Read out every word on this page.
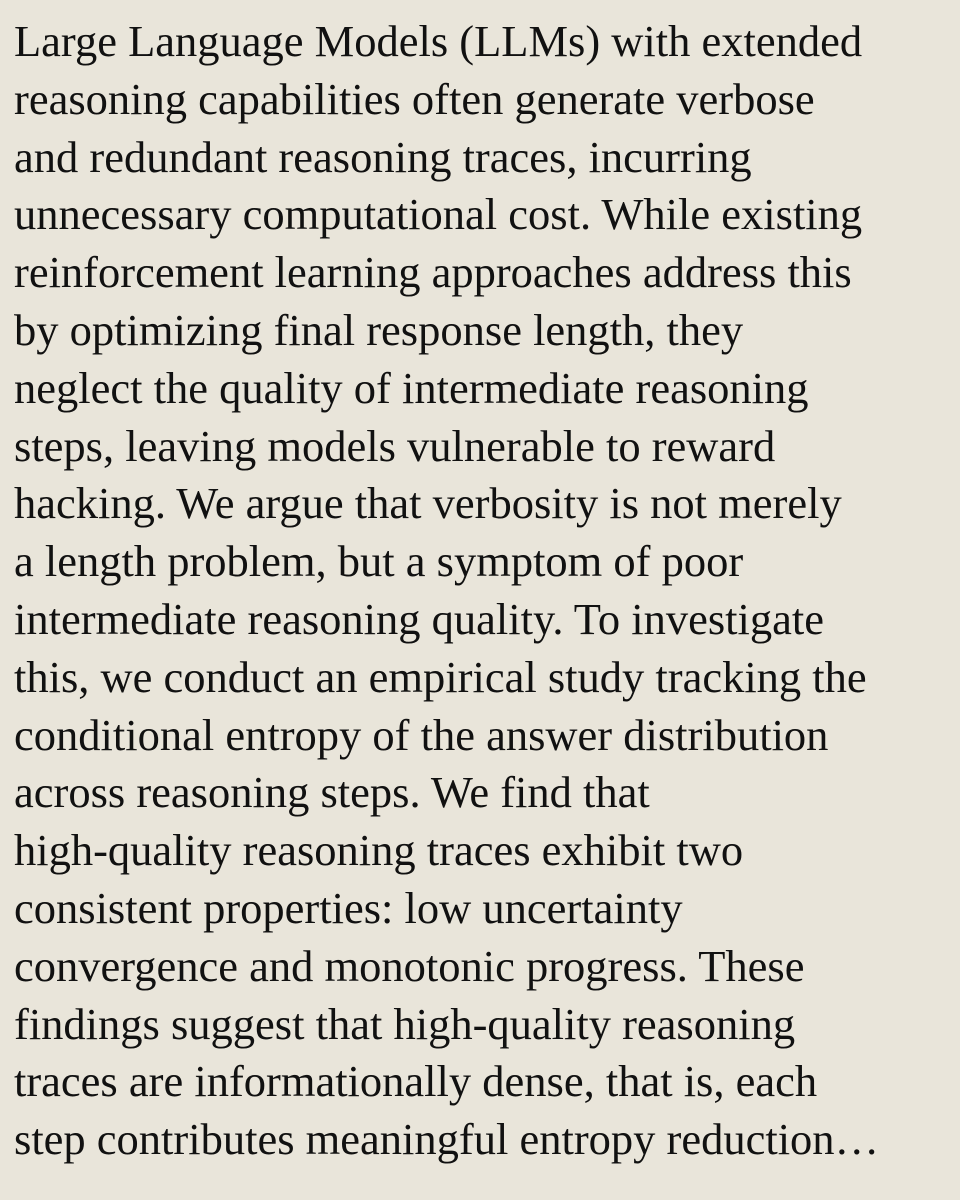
Large Language Models (LLMs) with extended
reasoning capabilities often generate verbose
and redundant reasoning traces, incurring
unnecessary computational cost. While existing
reinforcement learning approaches address this
by optimizing final response length, they
neglect the quality of intermediate reasoning
steps, leaving models vulnerable to reward
hacking. We argue that verbosity is not merely
a length problem, but a symptom of poor
intermediate reasoning quality. To investigate
this, we conduct an empirical study tracking the
conditional entropy of the answer distribution
across reasoning steps. We find that
high-quality reasoning traces exhibit two
consistent properties: low uncertainty
convergence and monotonic progress. These
findings suggest that high-quality reasoning
traces are informationally dense, that is, each
step contributes meaningful entropy reduction…
